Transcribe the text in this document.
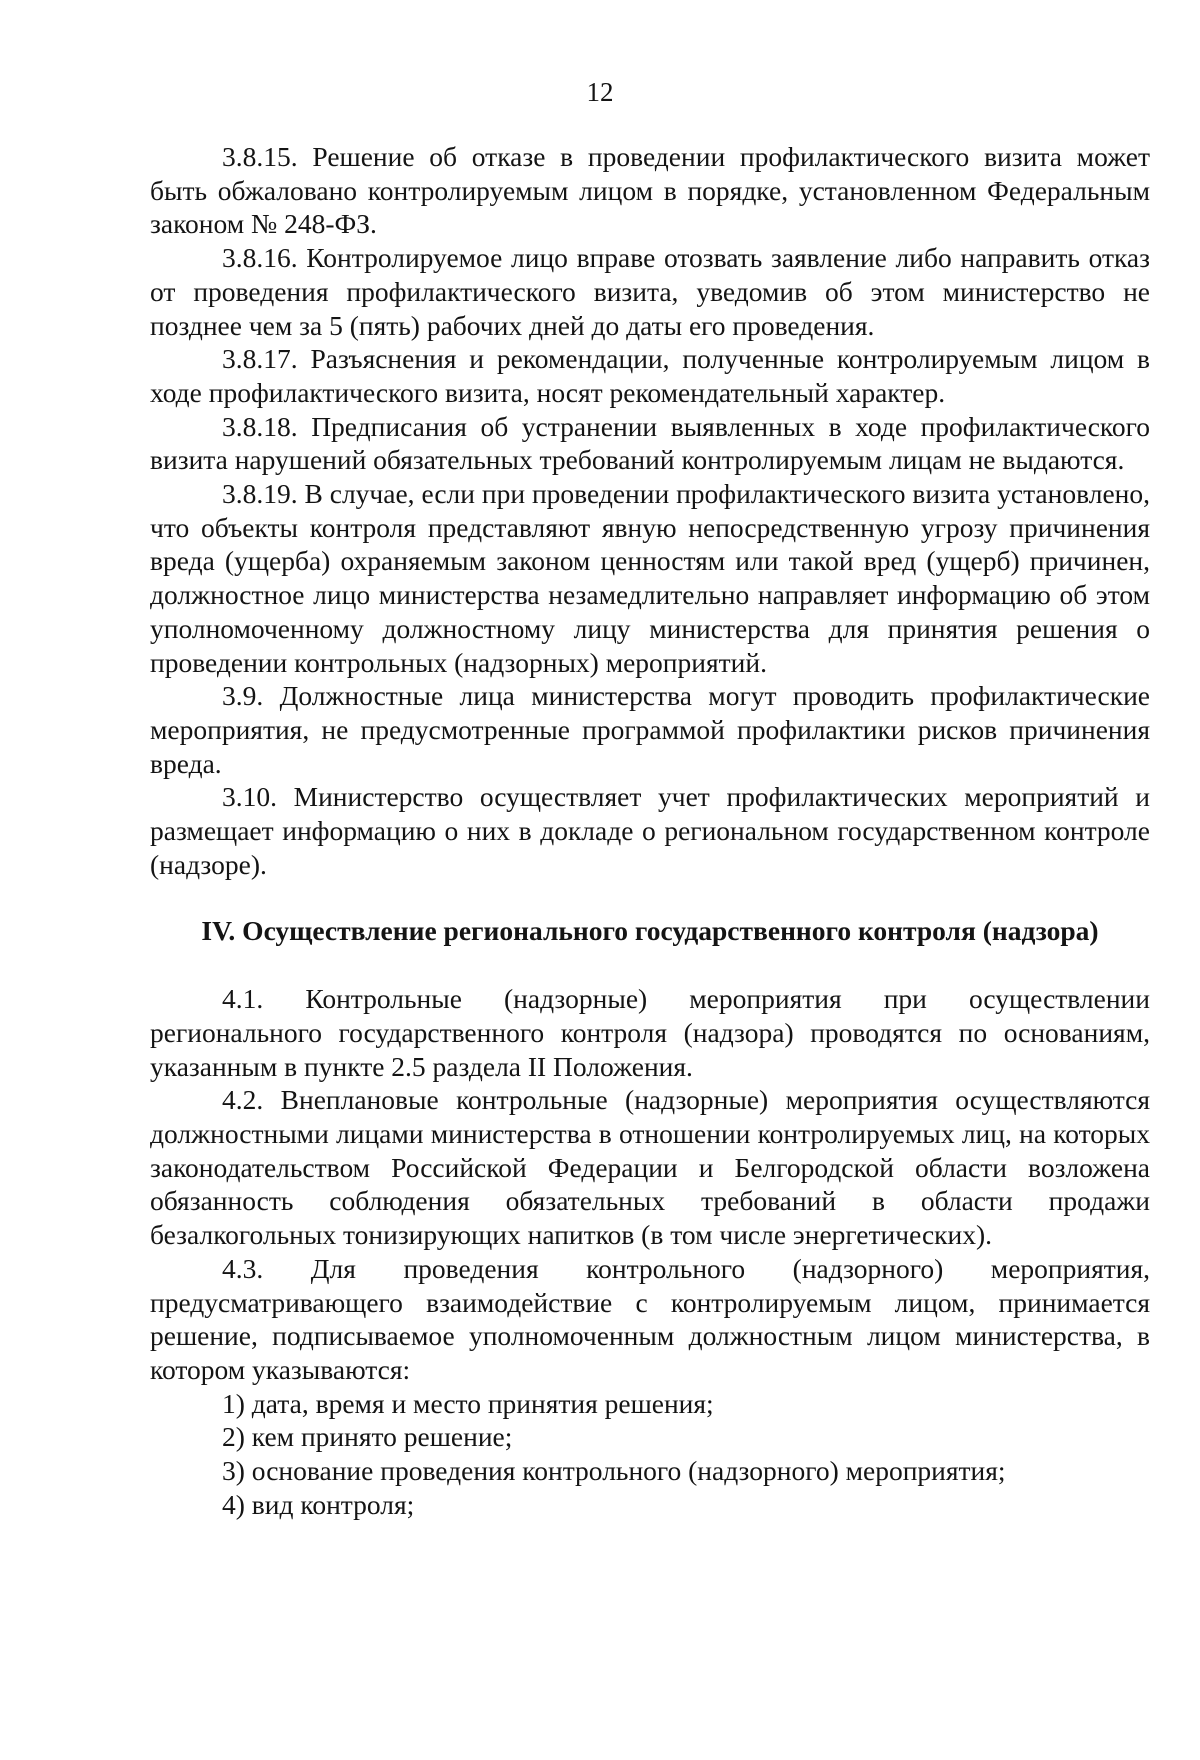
12

3.8.15. Решение об отказе в проведении профилактического визита может быть обжаловано контролируемым лицом в порядке, установленном Федеральным законом № 248-ФЗ.

3.8.16. Контролируемое лицо вправе отозвать заявление либо направить отказ от проведения профилактического визита, уведомив об этом министерство не позднее чем за 5 (пять) рабочих дней до даты его проведения.

3.8.17. Разъяснения и рекомендации, полученные контролируемым лицом в ходе профилактического визита, носят рекомендательный характер.

3.8.18. Предписания об устранении выявленных в ходе профилактического визита нарушений обязательных требований контролируемым лицам не выдаются.

3.8.19. В случае, если при проведении профилактического визита установлено, что объекты контроля представляют явную непосредственную угрозу причинения вреда (ущерба) охраняемым законом ценностям или такой вред (ущерб) причинен, должностное лицо министерства незамедлительно направляет информацию об этом уполномоченному должностному лицу министерства для принятия решения о проведении контрольных (надзорных) мероприятий.

3.9. Должностные лица министерства могут проводить профилактические мероприятия, не предусмотренные программой профилактики рисков причинения вреда.

3.10. Министерство осуществляет учет профилактических мероприятий и размещает информацию о них в докладе о региональном государственном контроле (надзоре).

IV. Осуществление регионального государственного контроля (надзора)

4.1. Контрольные (надзорные) мероприятия при осуществлении регионального государственного контроля (надзора) проводятся по основаниям, указанным в пункте 2.5 раздела II Положения.

4.2. Внеплановые контрольные (надзорные) мероприятия осуществляются должностными лицами министерства в отношении контролируемых лиц, на которых законодательством Российской Федерации и Белгородской области возложена обязанность соблюдения обязательных требований в области продажи безалкогольных тонизирующих напитков (в том числе энергетических).

4.3. Для проведения контрольного (надзорного) мероприятия, предусматривающего взаимодействие с контролируемым лицом, принимается решение, подписываемое уполномоченным должностным лицом министерства, в котором указываются:

1) дата, время и место принятия решения;

2) кем принято решение;

3) основание проведения контрольного (надзорного) мероприятия;

4) вид контроля;
